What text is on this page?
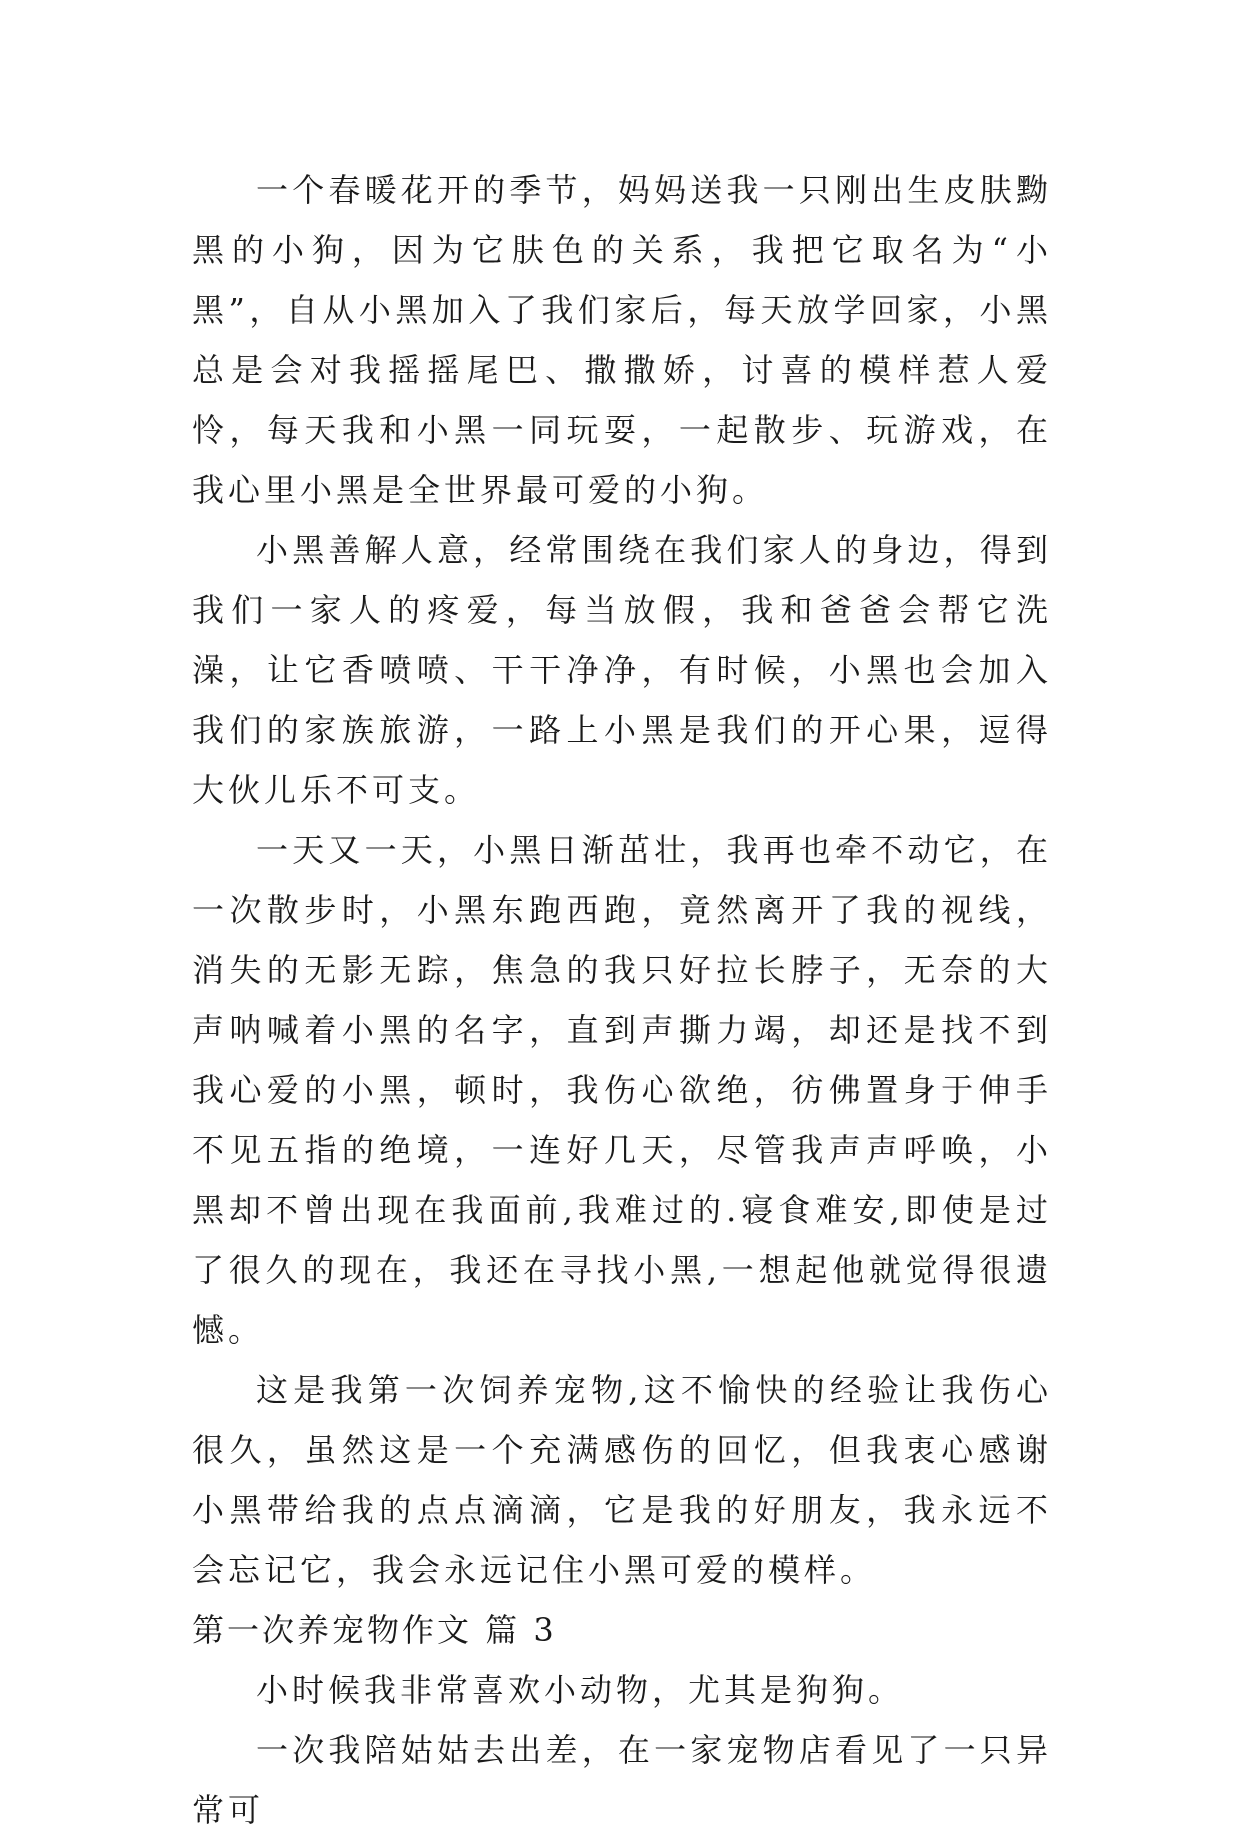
一个春暖花开的季节，妈妈送我一只刚出生皮肤黝黑的小狗，因为它肤色的关系，我把它取名为“小黑”，自从小黑加入了我们家后，每天放学回家，小黑总是会对我摇摇尾巴、撒撒娇，讨喜的模样惹人爱怜，每天我和小黑一同玩耍，一起散步、玩游戏，在我心里小黑是全世界最可爱的小狗。

小黑善解人意，经常围绕在我们家人的身边，得到我们一家人的疼爱，每当放假，我和爸爸会帮它洗澡，让它香喷喷、干干净净，有时候，小黑也会加入我们的家族旅游，一路上小黑是我们的开心果，逗得大伙儿乐不可支。

一天又一天，小黑日渐茁壮，我再也牵不动它，在一次散步时，小黑东跑西跑，竟然离开了我的视线，消失的无影无踪，焦急的我只好拉长脖子，无奈的大声呐喊着小黑的名字，直到声撕力竭，却还是找不到我心爱的小黑，顿时，我伤心欲绝，彷佛置身于伸手不见五指的绝境，一连好几天，尽管我声声呼唤，小黑却不曾出现在我面前,我难过的.寝食难安,即使是过了很久的现在，我还在寻找小黑,一想起他就觉得很遗憾。

这是我第一次饲养宠物,这不愉快的经验让我伤心很久，虽然这是一个充满感伤的回忆，但我衷心感谢小黑带给我的点点滴滴，它是我的好朋友，我永远不会忘记它，我会永远记住小黑可爱的模样。

第一次养宠物作文 篇 3

小时候我非常喜欢小动物，尤其是狗狗。

一次我陪姑姑去出差，在一家宠物店看见了一只异常可
